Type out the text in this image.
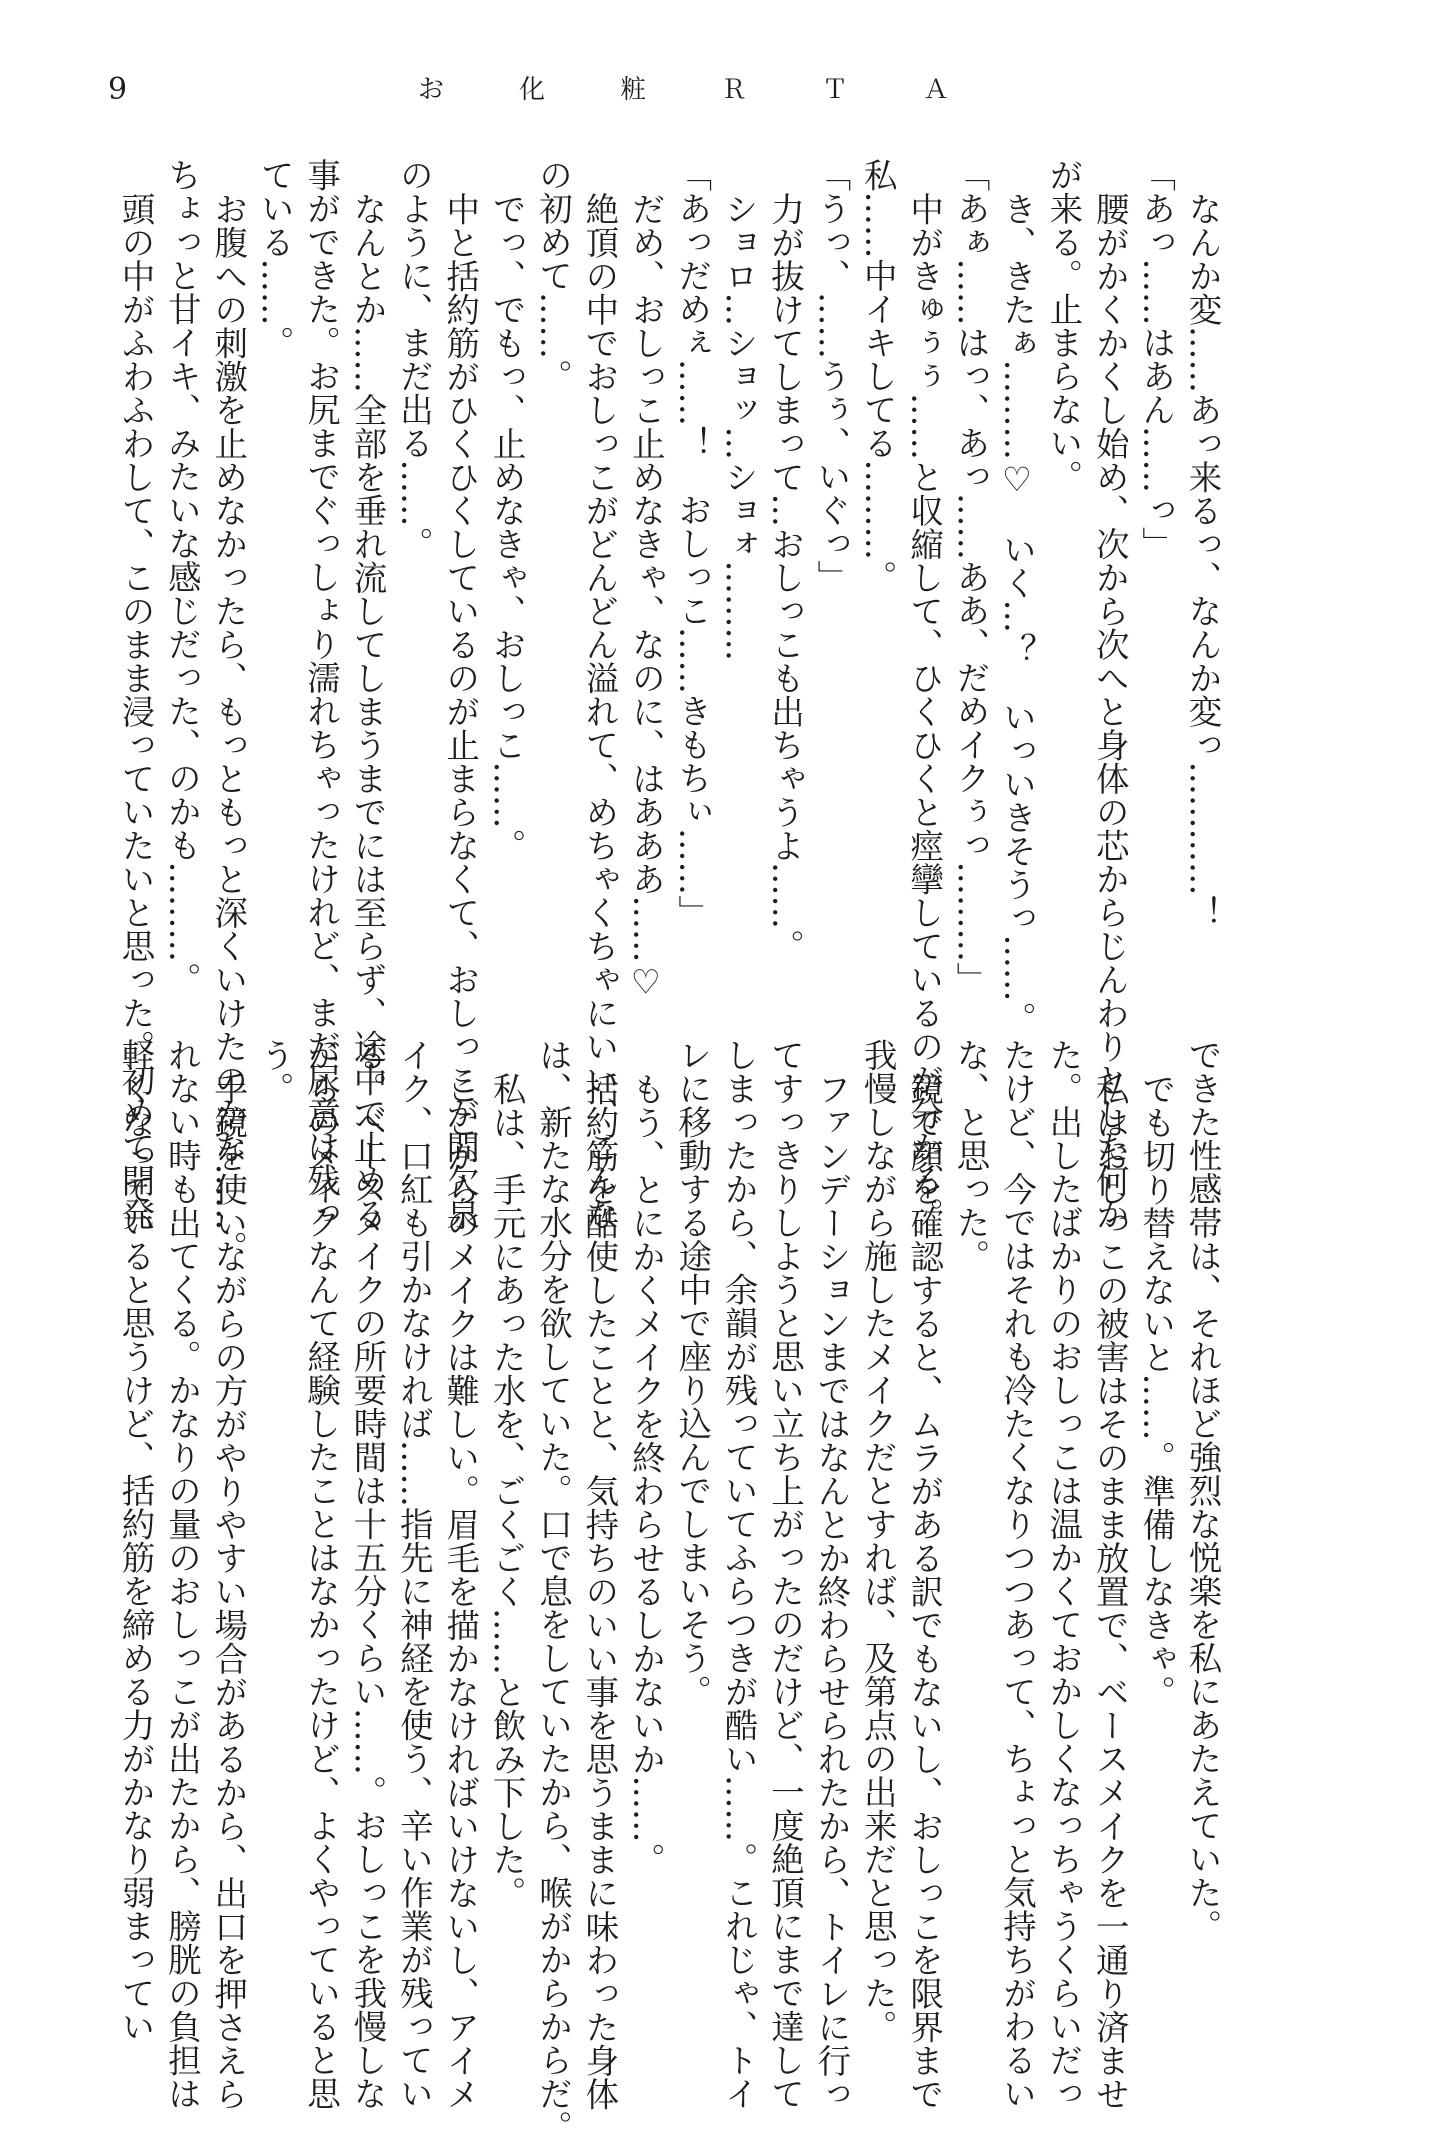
9	お化粧ＲＴＡ
なんか変……あっ来るっ、なんか変っ…………！
「あっ……はあん……っ」
腰がかくかくし始め、次から次へと身体の芯からじんわりとした何か
が来る。止まらない。
き、きたぁ………♡　いく…？　いっいきそうっ……。
「あぁ……はっ、あっ……ああ、だめイクぅっ………」
中がきゅぅぅ……と収縮して、ひくひくと痙攣しているのが分かる。
私……中イキしてる………。
「うっ、……うぅ、いぐっ」
力が抜けてしまって…おしっこも出ちゃうよ……。
ショロ…ショッ…ショォ………
「あっだめぇ……！　おしっこ……きもちぃ……」
だめ、おしっこ止めなきゃ、なのに、はあああ……♡
絶頂の中でおしっこがどんどん溢れて、めちゃくちゃにいい、こんな
の初めて……。
でっ、でもっ、止めなきゃ、おしっこ……。
中と括約筋がひくひくしているのが止まらなくて、おしっこが間欠泉
のように、まだ出る……。
なんとか……全部を垂れ流してしまうまでには至らず、途中で止める
事ができた。お尻までぐっしょり濡れちゃったけれど、まだ尿意は残っ
ている……。
お腹への刺激を止めなかったら、もっともっと深くいけたのかな……。
ちょっと甘イキ、みたいな感じだった、のかも………。
頭の中がふわふわして、このまま浸っていたいと思った。初めて開発
できた性感帯は、それほど強烈な悦楽を私にあたえていた。
でも切り替えないと……。準備しなきゃ。
私はおしっこの被害はそのまま放置で、ベースメイクを一通り済ませ
た。出したばかりのおしっこは温かくておかしくなっちゃうくらいだっ
たけど、今ではそれも冷たくなりつつあって、ちょっと気持ちがわるい
な、と思った。
鏡で顔を確認すると、ムラがある訳でもないし、おしっこを限界まで
我慢しながら施したメイクだとすれば、及第点の出来だと思った。
ファンデーションまではなんとか終わらせられたから、トイレに行っ
てすっきりしようと思い立ち上がったのだけど、一度絶頂にまで達して
しまったから、余韻が残っていてふらつきが酷い……。これじゃ、トイ
レに移動する途中で座り込んでしまいそう。
もう、とにかくメイクを終わらせるしかないか……。
括約筋を酷使したことと、気持ちのいい事を思うままに味わった身体
は、新たな水分を欲していた。口で息をしていたから、喉がからからだ。
私は、手元にあった水を、ごくごく……と飲み下した。
ここからのメイクは難しい。眉毛を描かなければいけないし、アイメ
イク、口紅も引かなければ……指先に神経を使う、辛い作業が残ってい
る。ベースメイクの所要時間は十五分くらい……。おしっこを我慢しな
がらのメイクなんて経験したことはなかったけど、よくやっていると思
う。
手鏡を使いながらの方がやりやすい場合があるから、出口を押さえら
れない時も出てくる。かなりの量のおしっこが出たから、膀胱の負担は
軽くなっていると思うけど、括約筋を締める力がかなり弱まってい
